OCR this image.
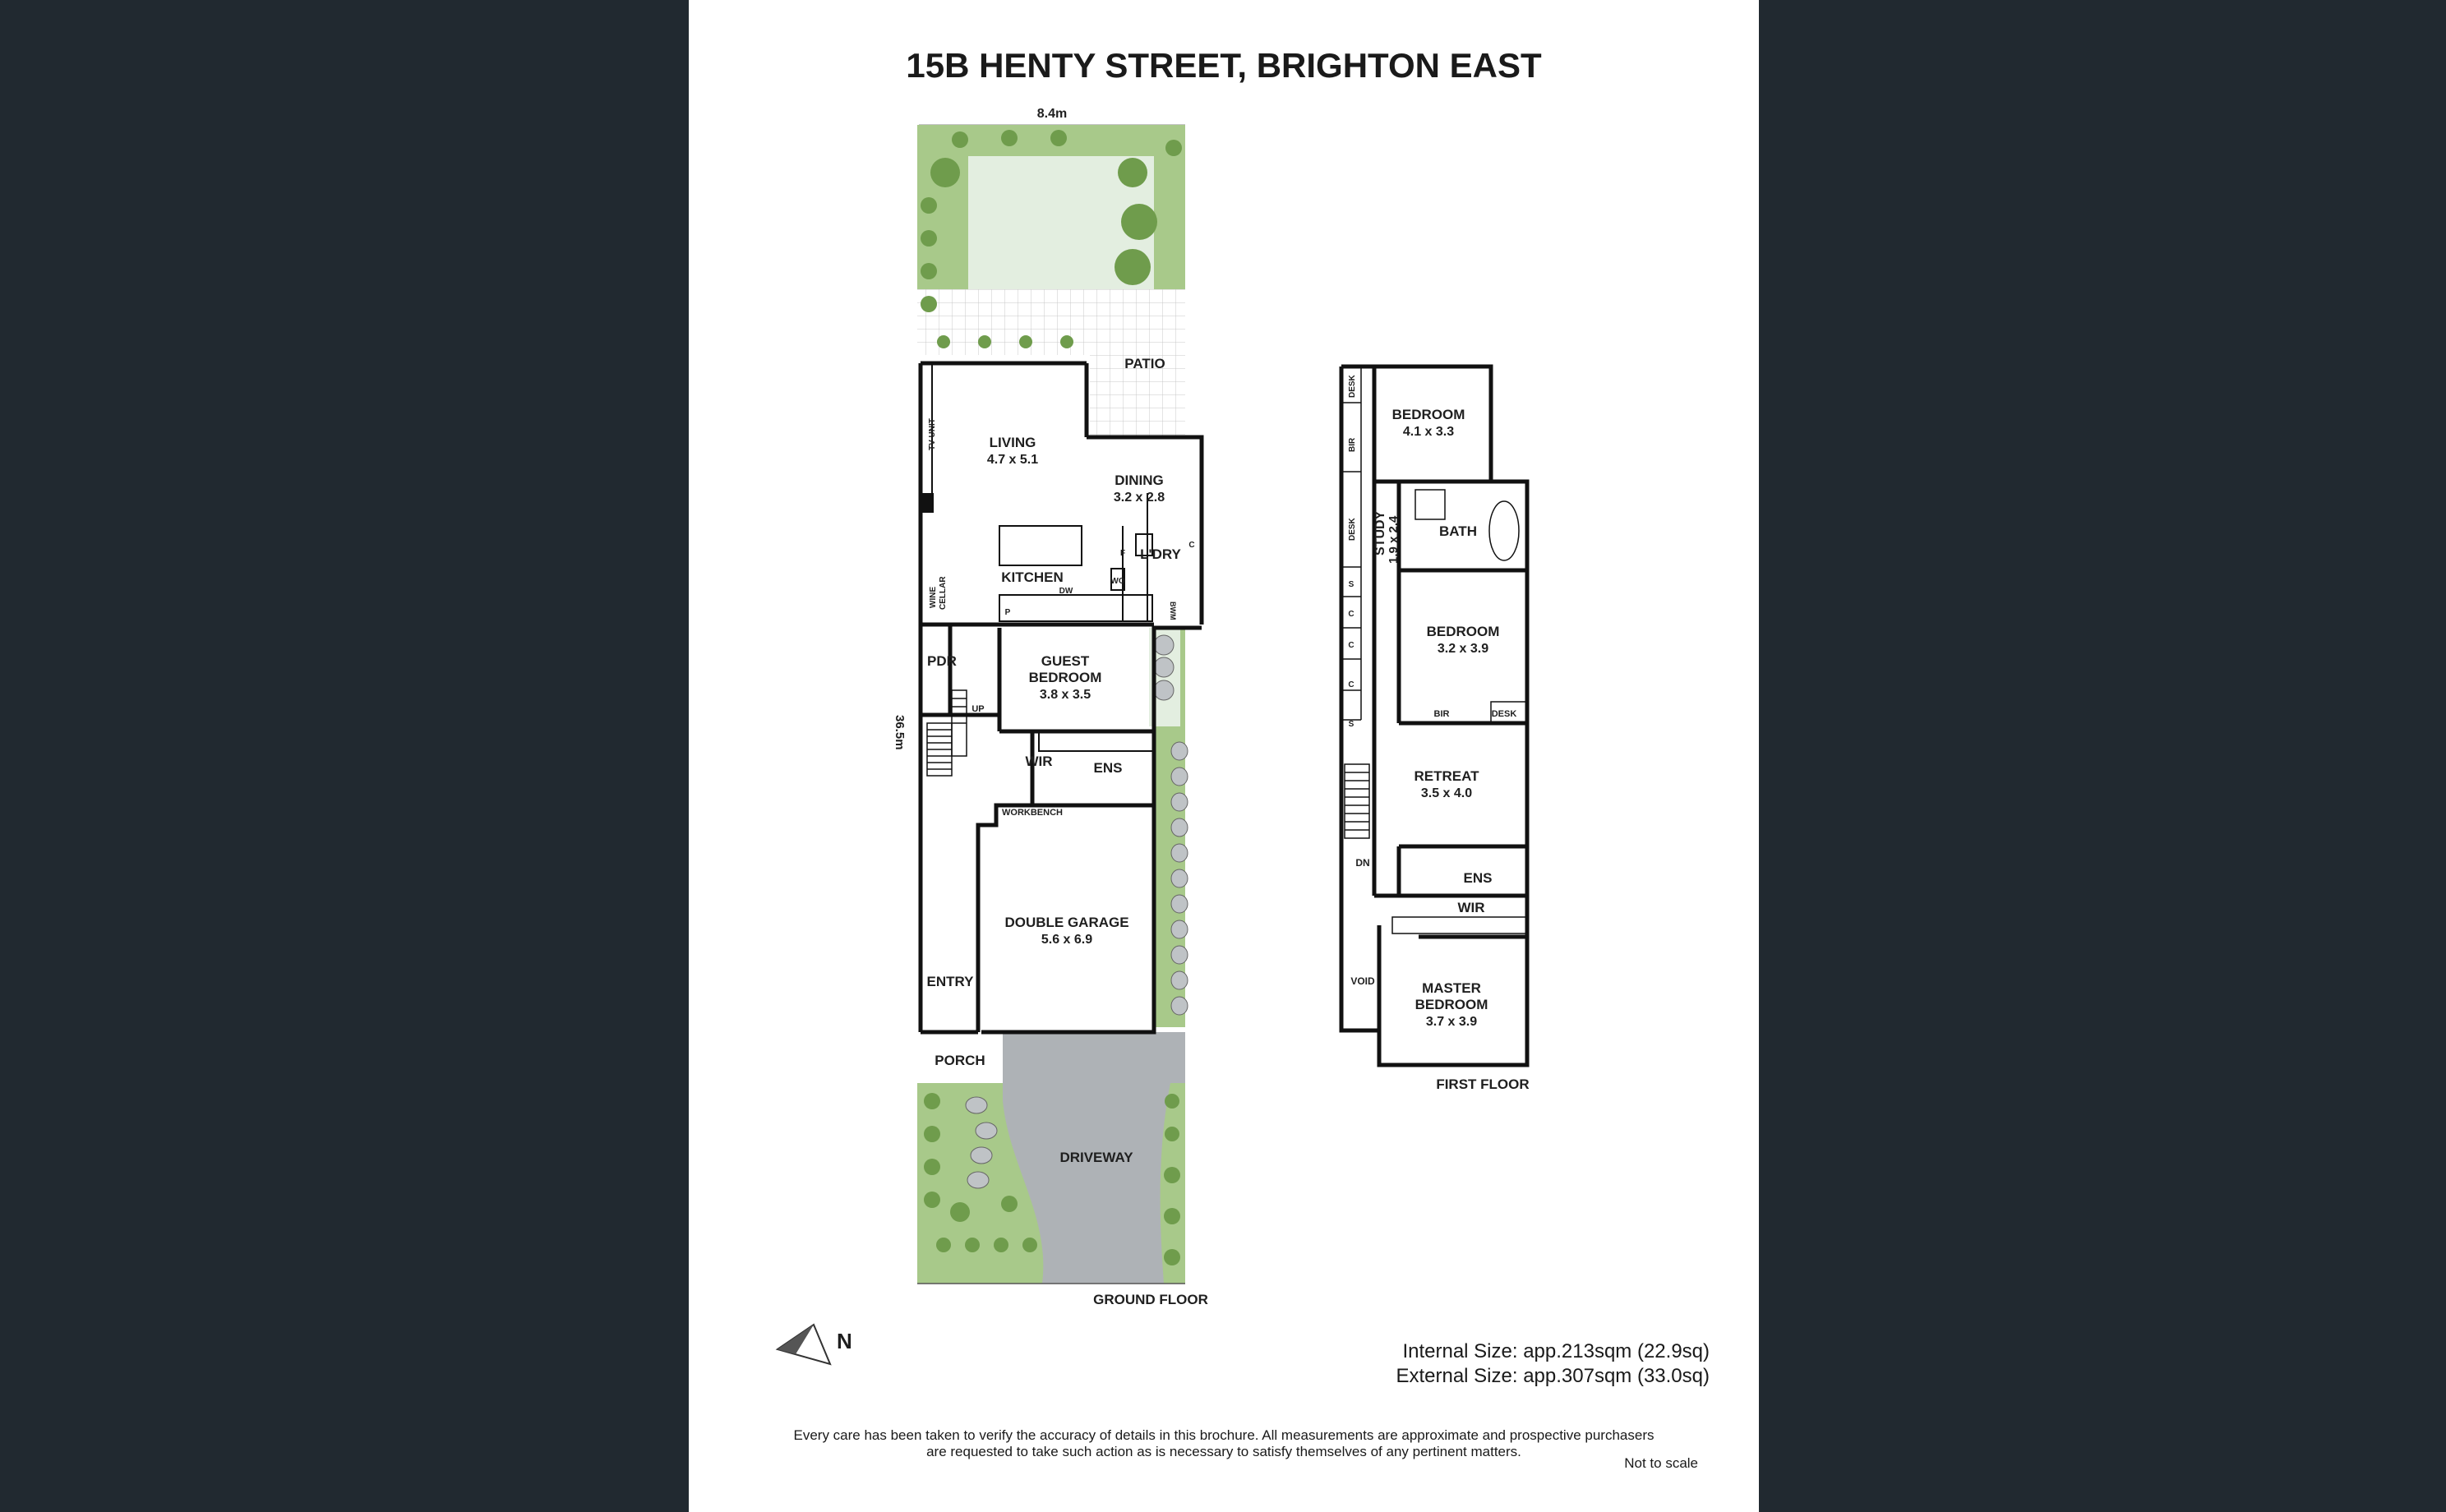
15B HENTY STREET, BRIGHTON EAST
8.4m
PATIO
DRIVEWAY
TV UNIT	LIVING
4.7 x 5.1
DINING
3.2 x 2.8
KITCHEN
DW
WO
F
C
P
L'DRY
BWM
WINE CELLAR
PDR
UP
GUEST
BEDROOM
3.8 x 3.5
WIR	ENS
WORKBENCH
DOUBLE GARAGE
5.6 x 6.9
ENTRY
PORCH
36.5m
GROUND FLOOR
DESK
BIR
BEDROOM
4.1 x 3.3
DESK STUDY 1.9 x 2.4	BATH
S
C
C
C
S
BEDROOM
3.2 x 3.9
BIR	DESK
RETREAT
3.5 x 4.0
DN
ENS
WIR
VOID	MASTER
BEDROOM
3.7 x 3.9
FIRST FLOOR
N	Internal Size: app.213sqm (22.9sq)
External Size: app.307sqm (33.0sq)
Every care has been taken to verify the accuracy of details in this brochure. All measurements are approximate and prospective purchasers
are requested to take such action as is necessary to satisfy themselves of any pertinent matters.
Not to scale
